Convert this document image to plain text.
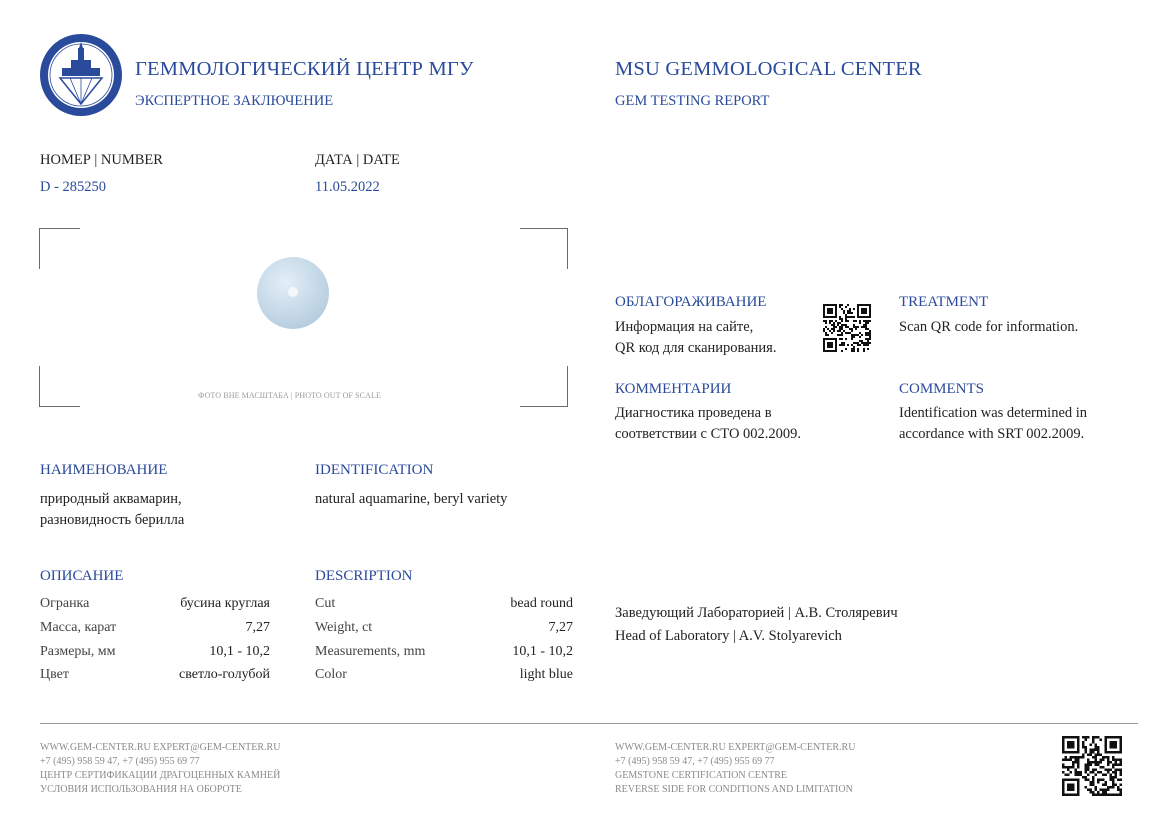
ГЕММОЛОГИЧЕСКИЙ ЦЕНТР МГУ
ЭКСПЕРТНОЕ ЗАКЛЮЧЕНИЕ
MSU GEMMOLOGICAL CENTER
GEM TESTING REPORT
НОМЕР | NUMBER
D - 285250
ДАТА | DATE
11.05.2022
ФОТО ВНЕ МАСШТАБА | PHOTO OUT OF SCALE
НАИМЕНОВАНИЕ
природный аквамарин,
разновидность берилла
IDENTIFICATION
natural aquamarine, beryl variety
ОПИСАНИЕ	DESCRIPTION
Огранка	бусина круглая
Масса, карат	7,27
Размеры, мм	10,1 - 10,2
Цвет	светло-голубой
Cut	bead round
Weight, ct	7,27
Measurements, mm	10,1 - 10,2
Color	light blue
ОБЛАГОРАЖИВАНИЕ
Информация на сайте,
QR код для сканирования.
TREATMENT
Scan QR code for information.
КОММЕНТАРИИ
Диагностика проведена в
соответствии с СТО 002.2009.
COMMENTS
Identification was determined in
accordance with SRT 002.2009.
Заведующий Лабораторией | А.В. Столяревич
Head of Laboratory | A.V. Stolyarevich
WWW.GEM-CENTER.RU EXPERT@GEM-CENTER.RU
+7 (495) 958 59 47, +7 (495) 955 69 77
ЦЕНТР СЕРТИФИКАЦИИ ДРАГОЦЕННЫХ КАМНЕЙ
УСЛОВИЯ ИСПОЛЬЗОВАНИЯ НА ОБОРОТЕ
WWW.GEM-CENTER.RU EXPERT@GEM-CENTER.RU
+7 (495) 958 59 47, +7 (495) 955 69 77
GEMSTONE CERTIFICATION CENTRE
REVERSE SIDE FOR CONDITIONS AND LIMITATION
